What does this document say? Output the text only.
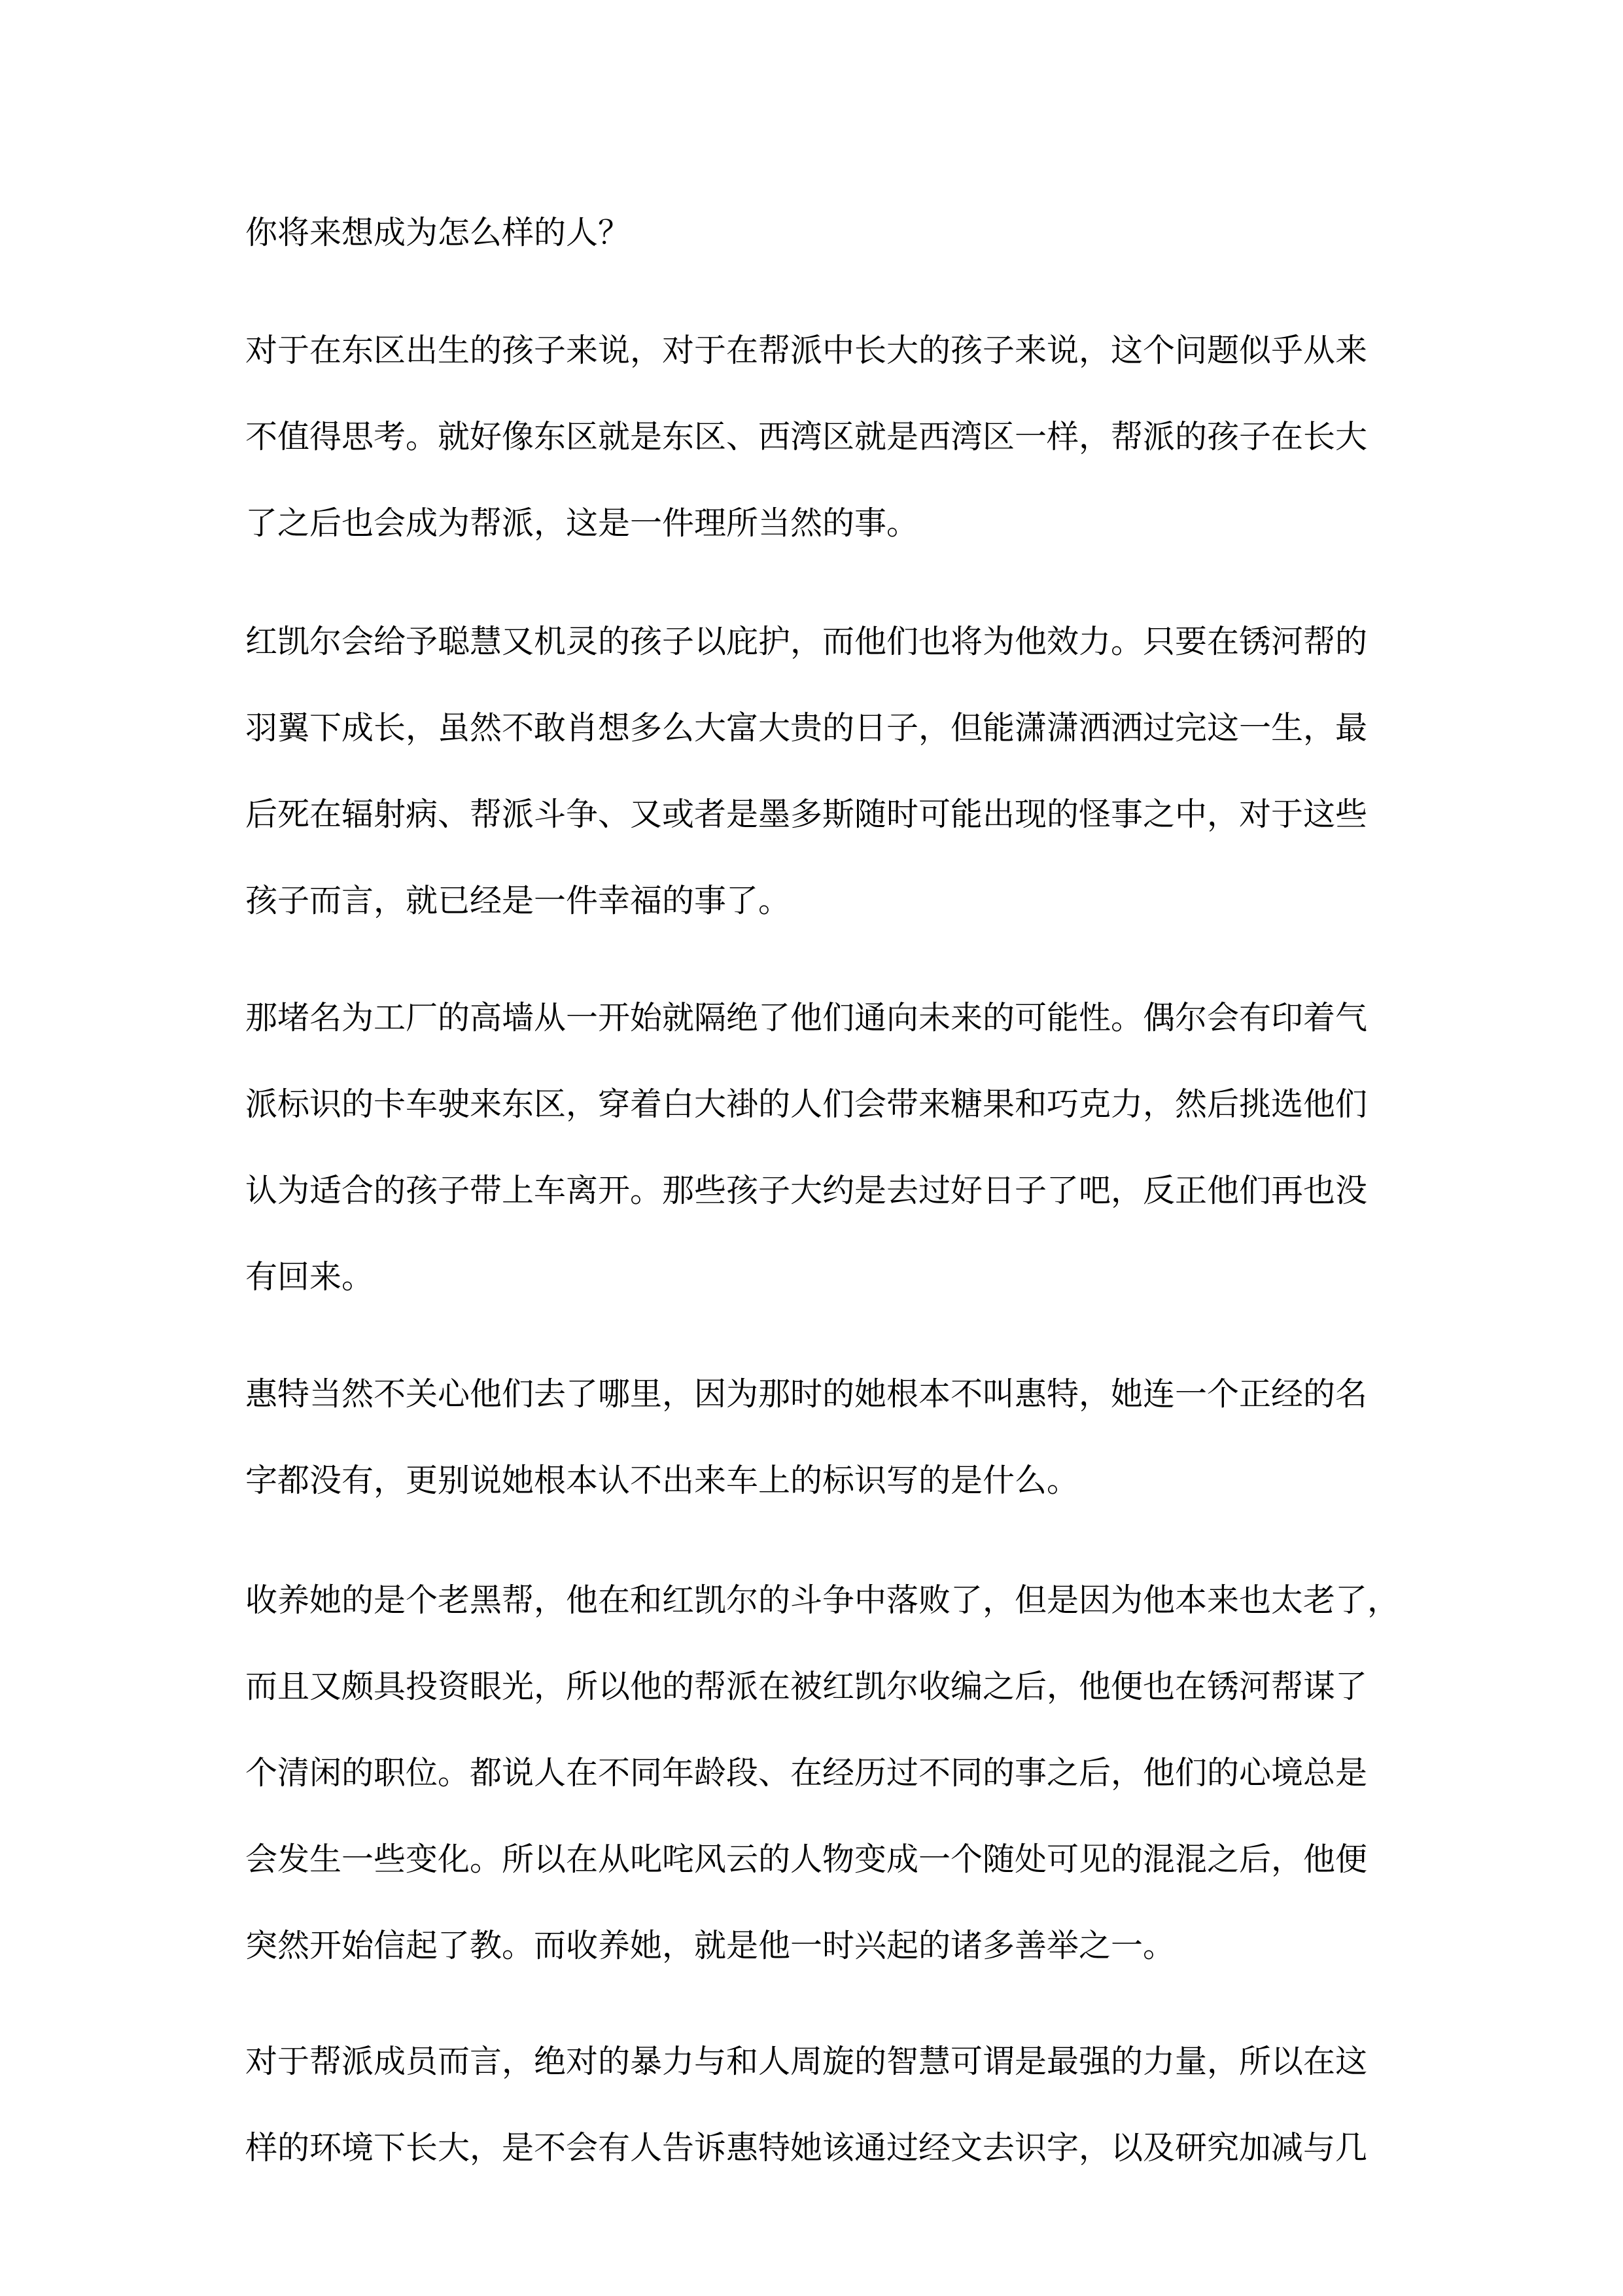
你将来想成为怎么样的人？

对于在东区出生的孩子来说，对于在帮派中长大的孩子来说，这个问题似乎从来
不值得思考。就好像东区就是东区、西湾区就是西湾区一样，帮派的孩子在长大
了之后也会成为帮派，这是一件理所当然的事。

红凯尔会给予聪慧又机灵的孩子以庇护，而他们也将为他效力。只要在锈河帮的
羽翼下成长，虽然不敢肖想多么大富大贵的日子，但能潇潇洒洒过完这一生，最
后死在辐射病、帮派斗争、又或者是墨多斯随时可能出现的怪事之中，对于这些
孩子而言，就已经是一件幸福的事了。

那堵名为工厂的高墙从一开始就隔绝了他们通向未来的可能性。偶尔会有印着气
派标识的卡车驶来东区，穿着白大褂的人们会带来糖果和巧克力，然后挑选他们
认为适合的孩子带上车离开。那些孩子大约是去过好日子了吧，反正他们再也没
有回来。

惠特当然不关心他们去了哪里，因为那时的她根本不叫惠特，她连一个正经的名
字都没有，更别说她根本认不出来车上的标识写的是什么。

收养她的是个老黑帮，他在和红凯尔的斗争中落败了，但是因为他本来也太老了，
而且又颇具投资眼光，所以他的帮派在被红凯尔收编之后，他便也在锈河帮谋了
个清闲的职位。都说人在不同年龄段、在经历过不同的事之后，他们的心境总是
会发生一些变化。所以在从叱咤风云的人物变成一个随处可见的混混之后，他便
突然开始信起了教。而收养她，就是他一时兴起的诸多善举之一。

对于帮派成员而言，绝对的暴力与和人周旋的智慧可谓是最强的力量，所以在这
样的环境下长大，是不会有人告诉惠特她该通过经文去识字，以及研究加减与几
